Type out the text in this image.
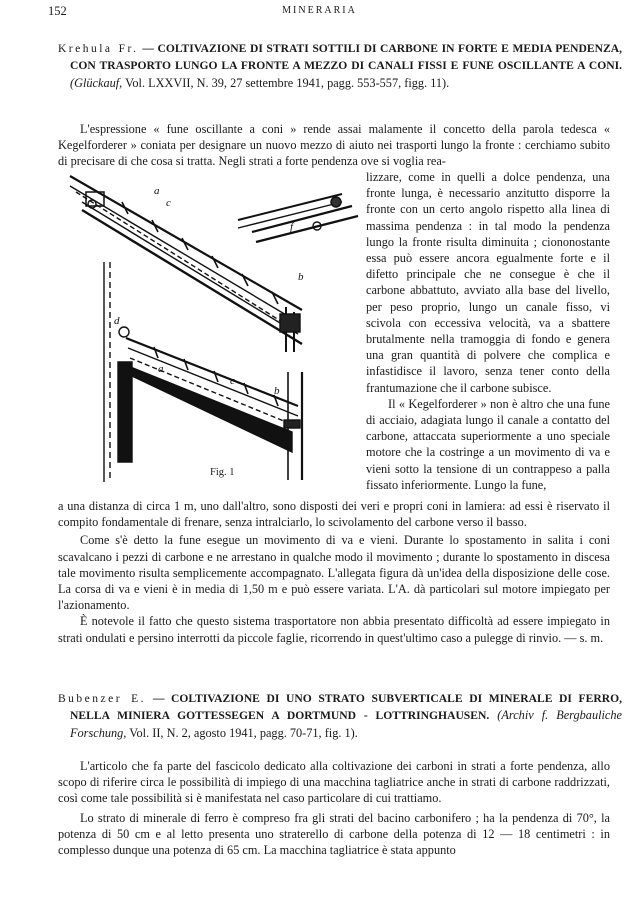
152	MINERARIA
Krehula Fr. — COLTIVAZIONE DI STRATI SOTTILI DI CARBONE IN FORTE E MEDIA PENDENZA, CON TRASPORTO LUNGO LA FRONTE A MEZZO DI CANALI FISSI E FUNE OSCILLANTE A CONI. (Glückauf, Vol. LXXVII, N. 39, 27 settembre 1941, pagg. 553-557, figg. 11).

L'espressione « fune oscillante a coni » rende assai malamente il concetto della parola tedesca « Kegelforderer » coniata per designare un nuovo mezzo di aiuto nei trasporti lungo la fronte : cerchiamo subito di precisare di che cosa si tratta. Negli strati a forte pendenza ove si voglia rea-

a
c
b
f
d
a
c
b
Fig. 1

lizzare, come in quelli a dolce pendenza, una fronte lunga, è necessario anzitutto disporre la fronte con un certo angolo rispetto alla linea di massima pendenza : in tal modo la pendenza lungo la fronte risulta diminuita ; ciononostante essa può essere ancora egualmente forte e il difetto principale che ne consegue è che il carbone abbattuto, avviato alla base del livello, per peso proprio, lungo un canale fisso, vi scivola con eccessiva velocità, va a sbattere brutalmente nella tramoggia di fondo e genera una gran quantità di polvere che complica e infastidisce il lavoro, senza tener conto della frantumazione che il carbone subisce.

Il « Kegelforderer » non è altro che una fune di acciaio, adagiata lungo il canale a contatto del carbone, attaccata superiormente a uno speciale motore che la costringe a un movimento di va e vieni sotto la tensione di un contrappeso a palla fissato inferiormente. Lungo la fune,

a una distanza di circa 1 m, uno dall'altro, sono disposti dei veri e propri coni in lamiera: ad essi è riservato il compito fondamentale di frenare, senza intralciarlo, lo scivolamento del carbone verso il basso.

Come s'è detto la fune esegue un movimento di va e vieni. Durante lo spostamento in salita i coni scavalcano i pezzi di carbone e ne arrestano in qualche modo il movimento ; durante lo spostamento in discesa tale movimento risulta semplicemente accompagnato. L'allegata figura dà un'idea della disposizione delle cose. La corsa di va e vieni è in media di 1,50 m e può essere variata. L'A. dà particolari sul motore impiegato per l'azionamento.

È notevole il fatto che questo sistema trasportatore non abbia presentato difficoltà ad essere impiegato in strati ondulati e persino interrotti da piccole faglie, ricorrendo in quest'ultimo caso a pulegge di rinvio. — s. m.

Bubenzer E. — COLTIVAZIONE DI UNO STRATO SUBVERTICALE DI MINERALE DI FERRO, NELLA MINIERA GOTTESSEGEN A DORTMUND - LOTTRINGHAUSEN. (Archiv f. Bergbauliche Forschung, Vol. II, N. 2, agosto 1941, pagg. 70-71, fig. 1).

L'articolo che fa parte del fascicolo dedicato alla coltivazione dei carboni in strati a forte pendenza, allo scopo di riferire circa le possibilità di impiego di una macchina tagliatrice anche in strati di carbone raddrizzati, così come tale possibilità si è manifestata nel caso particolare di cui trattiamo.

Lo strato di minerale di ferro è compreso fra gli strati del bacino carbonifero ; ha la pendenza di 70°, la potenza di 50 cm e al letto presenta uno straterello di carbone della potenza di 12 — 18 centimetri : in complesso dunque una potenza di 65 cm. La macchina tagliatrice è stata appunto
